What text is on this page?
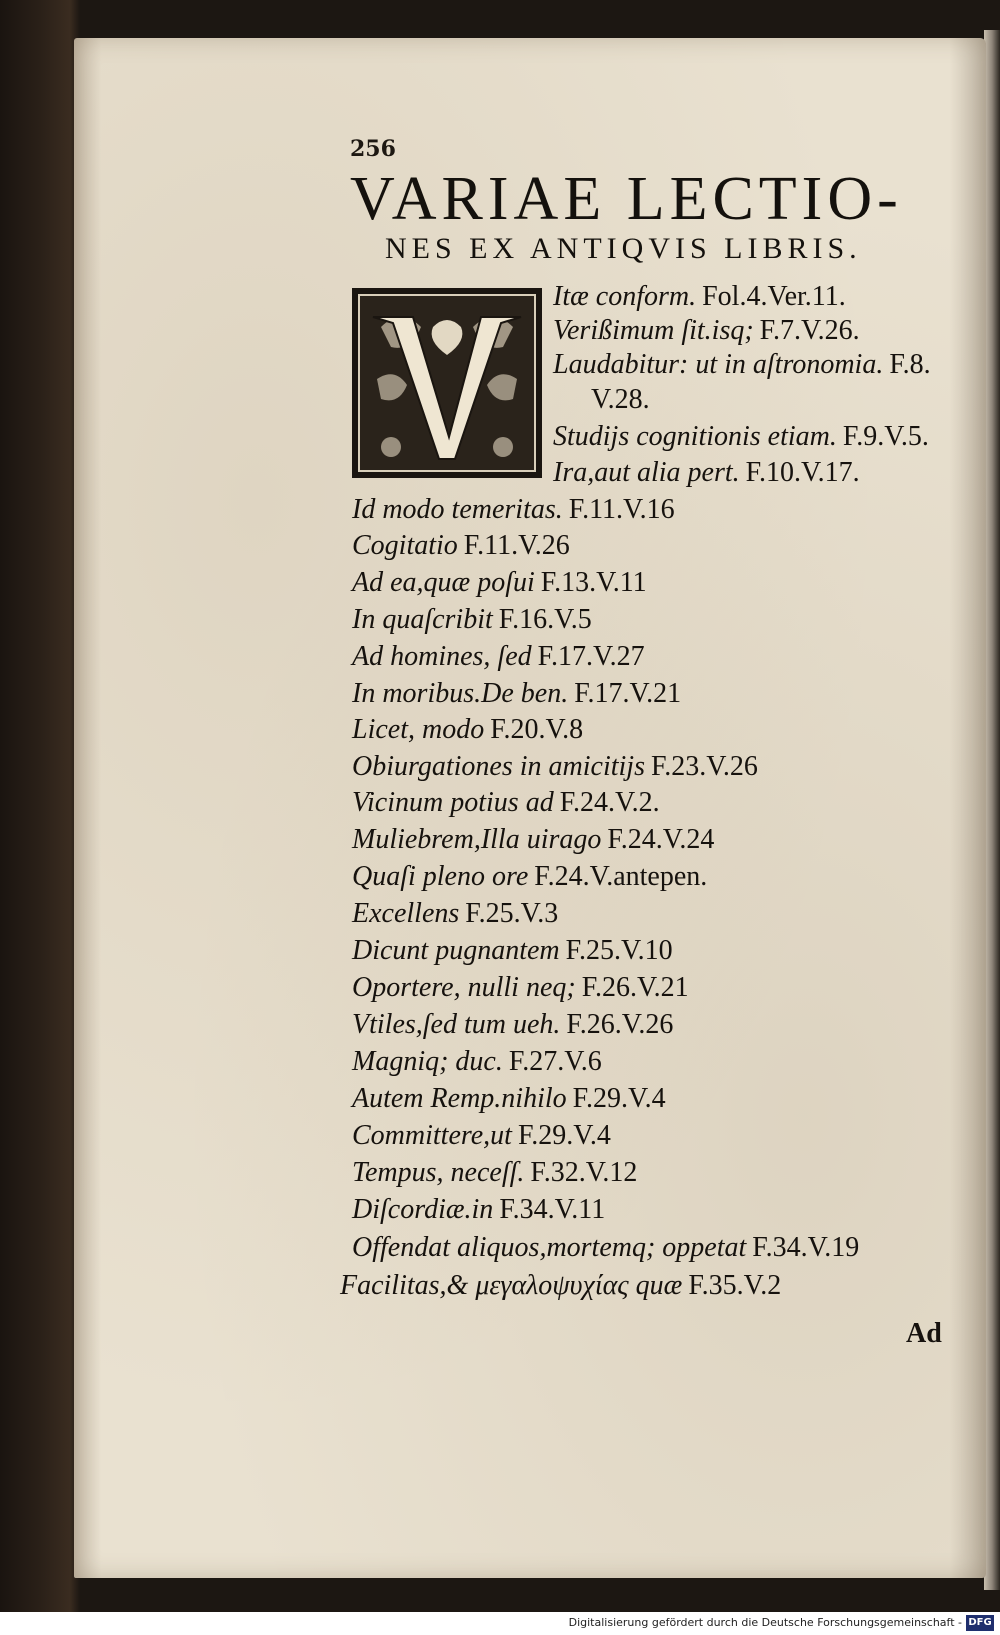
256
VARIAE LECTIO-
NES EX ANTIQVIS LIBRIS.
Itæ conform. Fol.4.Ver.11.
Verißimum ſit.isq; F.7.V.26.
Laudabitur: ut in aſtronomia. F.8.
V.28.
Studijs cognitionis etiam. F.9.V.5.
Ira,aut alia pert. F.10.V.17.
Id modo temeritas. F.11.V.16
Cogitatio F.11.V.26
Ad ea,quæ poſui F.13.V.11
In quaſcribit F.16.V.5
Ad homines, ſed F.17.V.27
In moribus.De ben. F.17.V.21
Licet, modo F.20.V.8
Obiurgationes in amicitijs F.23.V.26
Vicinum potius ad F.24.V.2.
Muliebrem,Illa uirago F.24.V.24
Quaſi pleno ore F.24.V.antepen.
Excellens F.25.V.3
Dicunt pugnantem F.25.V.10
Oportere, nulli neq; F.26.V.21
Vtiles,ſed tum ueh. F.26.V.26
Magniq; duc. F.27.V.6
Autem Remp.nihilo F.29.V.4
Committere,ut F.29.V.4
Tempus, neceſſ. F.32.V.12
Diſcordiæ.in F.34.V.11
Offendat aliquos,mortemq; oppetat F.34.V.19
Facilitas,& μεγαλοψυχίας quæ F.35.V.2
Ad
Digitalisierung gefördert durch die Deutsche Forschungsgemeinschaft - DFG
